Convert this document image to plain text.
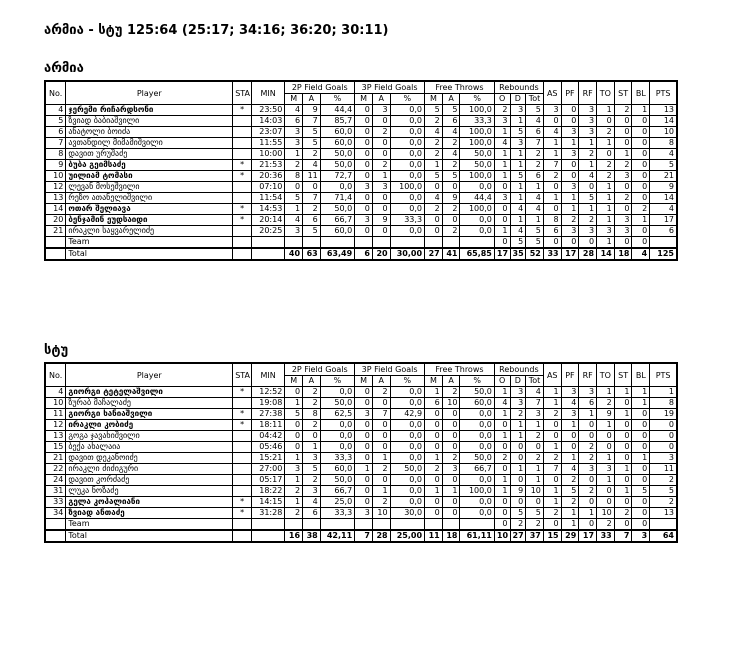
არმია - სტუ 125:64 (25:17; 34:16; 36:20; 30:11)
არმია
No.	Player	STA	MIN	2P Field Goals			3P Field Goals			Free Throws			Rebounds			AS	PF	RF	TO	ST	BL	PTS
				M	A	%	M	A	%	M	A	%	O	D	Tot							
4	ჯერემი რიჩარდსონი	*	23:50	4	9	44,4	0	3	0,0	5	5	100,0	2	3	5	3	0	3	1	2	1	13
5	ზვიად ბაბიაშვილი		14:03	6	7	85,7	0	0	0,0	2	6	33,3	3	1	4	0	0	3	0	0	0	14
6	ანატოლი ბოიძა		23:07	3	5	60,0	0	2	0,0	4	4	100,0	1	5	6	4	3	3	2	0	0	10
7	ავთანდილ მიმამიშვილი		11:55	3	5	60,0	0	0	0,0	2	2	100,0	4	3	7	1	1	1	1	0	0	8
8	დავით ურუშაძე		10:00	1	2	50,0	0	0	0,0	2	4	50,0	1	1	2	1	3	2	0	1	0	4
9	ბუბა გეიმსაძე	*	21:53	2	4	50,0	0	2	0,0	1	2	50,0	1	1	2	7	0	1	2	2	0	5
10	უილიამ ტომასი	*	20:36	8	11	72,7	0	1	0,0	5	5	100,0	1	5	6	2	0	4	2	3	0	21
12	ლევან მოსეშვილი		07:10	0	0	0,0	3	3	100,0	0	0	0,0	0	1	1	0	3	0	1	0	0	9
13	რეზო ათანელიშვილი		11:54	5	7	71,4	0	0	0,0	4	9	44,4	3	1	4	1	1	5	1	2	0	14
14	ოთარ შელიავა	*	14:53	1	2	50,0	0	0	0,0	2	2	100,0	0	4	4	0	1	1	1	0	2	4
20	ბენჯამინ ეუდსაიდი	*	20:14	4	6	66,7	3	9	33,3	0	0	0,0	0	1	1	8	2	2	1	3	1	17
21	ირაკლი საყვარელიძე		20:25	3	5	60,0	0	0	0,0	0	2	0,0	1	4	5	6	3	3	3	3	0	6
	Team												0	5	5	0	0	0	1	0	0	
	Total			40	63	63,49	6	20	30,00	27	41	65,85	17	35	52	33	17	28	14	18	4	125
სტუ
No.	Player	STA	MIN	2P Field Goals			3P Field Goals			Free Throws			Rebounds			AS	PF	RF	TO	ST	BL	PTS
				M	A	%	M	A	%	M	A	%	O	D	Tot							
4	გიორგი ტეტელაშვილი	*	12:52	0	2	0,0	0	2	0,0	1	2	50,0	1	3	4	1	3	3	1	1	1	1
10	ზურაბ მაჩალაძე		19:08	1	2	50,0	0	0	0,0	6	10	60,0	4	3	7	1	4	6	2	0	1	8
11	გიორგი ხანიაშვილი	*	27:38	5	8	62,5	3	7	42,9	0	0	0,0	1	2	3	2	3	1	9	1	0	19
12	ირაკლი კობიძე	*	18:11	0	2	0,0	0	0	0,0	0	0	0,0	0	1	1	0	1	0	1	0	0	0
13	გოგა ჯავახიშვილი		04:42	0	0	0,0	0	0	0,0	0	0	0,0	1	1	2	0	0	0	0	0	0	0
15	ბექა ახალაია		05:46	0	1	0,0	0	0	0,0	0	0	0,0	0	0	0	1	0	2	0	0	0	0
21	დავით დეკანოიძე		15:21	1	3	33,3	0	1	0,0	1	2	50,0	2	0	2	2	1	2	1	0	1	3
22	ირაკლი ძიძიგური		27:00	3	5	60,0	1	2	50,0	2	3	66,7	0	1	1	7	4	3	3	1	0	11
24	დავით კორძაძე		05:17	1	2	50,0	0	0	0,0	0	0	0,0	1	0	1	0	2	0	1	0	0	2
31	ლუკა ნოზაძე		18:22	2	3	66,7	0	1	0,0	1	1	100,0	1	9	10	1	5	2	0	1	5	5
33	გელა კოპალიანი	*	14:15	1	4	25,0	0	2	0,0	0	0	0,0	0	0	0	1	2	0	0	0	0	2
34	ზვიად ანთაძე	*	31:28	2	6	33,3	3	10	30,0	0	0	0,0	0	5	5	2	1	1	10	2	0	13
	Team												0	2	2	0	1	0	2	0	0	
	Total			16	38	42,11	7	28	25,00	11	18	61,11	10	27	37	15	29	17	33	7	3	64
